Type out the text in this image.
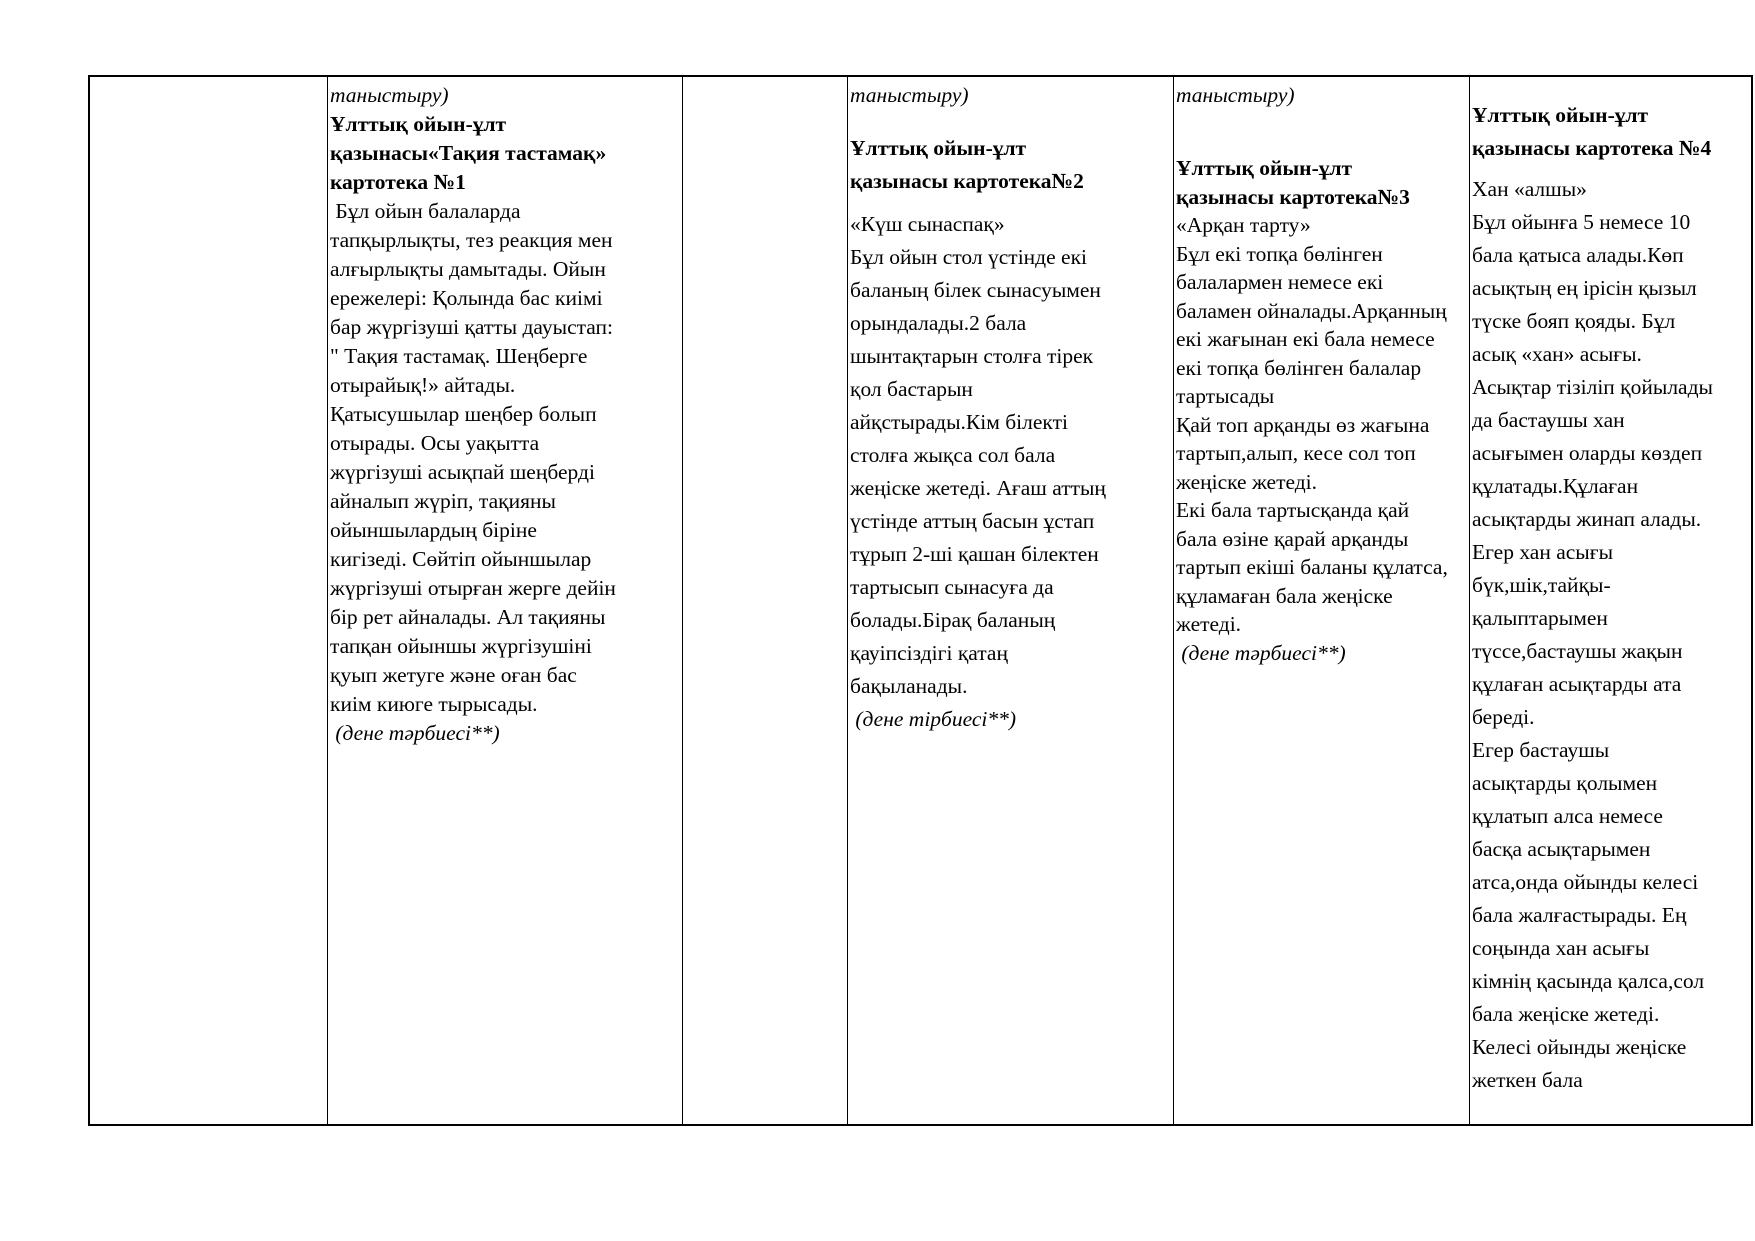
таныстыру)
Ұлттық ойын-ұлт
қазынасы«Тақия тастамақ»
картотека №1
Бұл ойын балаларда
тапқырлықты, тез реакция мен
алғырлықты дамытады. Ойын
ережелері: Қолында бас киімі
бар жүргізуші қатты дауыстап:
" Тақия тастамақ. Шеңберге
отырайық!» айтады.
Қатысушылар шеңбер болып
отырады. Осы уақытта
жүргізуші асықпай шеңберді
айналып жүріп, тақияны
ойыншылардың біріне
кигізеді. Сөйтіп ойыншылар
жүргізуші отырған жерге дейін
бір рет айналады. Ал тақияны
тапқан ойыншы жүргізушіні
қуып жетуге және оған бас
киім киюге тырысады.
(дене тәрбиесі**)
таныстыру)
Ұлттық ойын-ұлт
қазынасы картотека№2
«Күш сынаспақ»
Бұл ойын стол үстінде екі
баланың білек сынасуымен
орындалады.2 бала
шынтақтарын столға тірек
қол бастарын
айқстырады.Кім білекті
столға жықса сол бала
жеңіске жетеді. Ағаш аттың
үстінде аттың басын ұстап
тұрып 2-ші қашан білектен
тартысып сынасуға да
болады.Бірақ баланың
қауіпсіздігі қатаң
бақыланады.
(дене тірбиесі**)
таныстыру)
Ұлттық ойын-ұлт
қазынасы картотека№3
«Арқан тарту»
Бұл екі топқа бөлінген
балалармен немесе екі
баламен ойналады.Арқанның
екі жағынан екі бала немесе
екі топқа бөлінген балалар
тартысады
Қай топ арқанды өз жағына
тартып,алып, кесе сол топ
жеңіске жетеді.
Екі бала тартысқанда қай
бала өзіне қарай арқанды
тартып екіші баланы құлатса,
құламаған бала жеңіске
жетеді.
(дене тәрбиесі**)
Ұлттық ойын-ұлт
қазынасы картотека №4
Хан «алшы»
Бұл ойынға 5 немесе 10
бала қатыса алады.Көп
асықтың ең ірісін қызыл
түске бояп қояды. Бұл
асық «хан» асығы.
Асықтар тізіліп қойылады
да бастаушы хан
асығымен оларды көздеп
құлатады.Құлаған
асықтарды жинап алады.
Егер хан асығы
бүк,шік,тайқы-
қалыптарымен
түссе,бастаушы жақын
құлаған асықтарды ата
береді.
Егер бастаушы
асықтарды қолымен
құлатып алса немесе
басқа асықтарымен
атса,онда ойынды келесі
бала жалғастырады. Ең
соңында хан асығы
кімнің қасында қалса,сол
бала жеңіске жетеді.
Келесі ойынды жеңіске
жеткен бала
